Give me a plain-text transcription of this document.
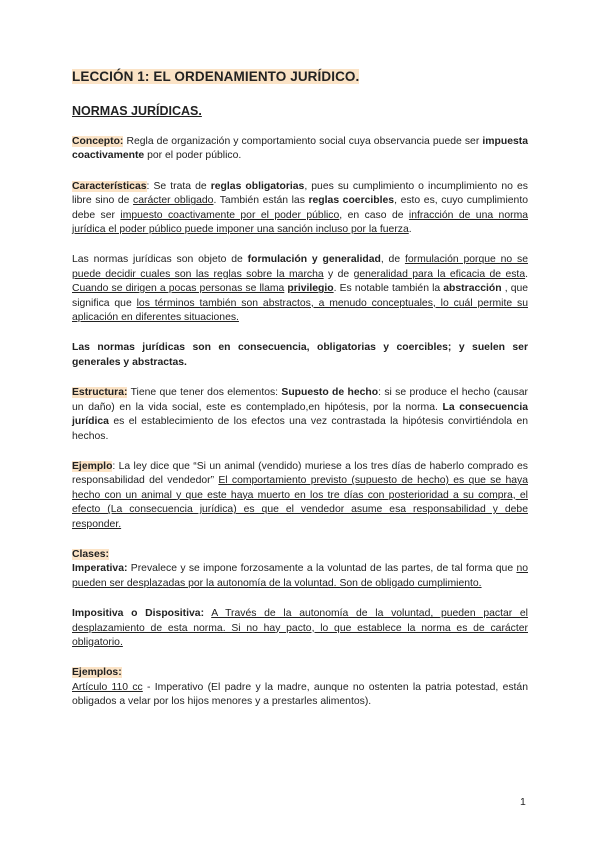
LECCIÓN 1: EL ORDENAMIENTO JURÍDICO.
NORMAS JURÍDICAS.

Concepto: Regla de organización y comportamiento social cuya observancia puede ser impuesta coactivamente por el poder público.

Características: Se trata de reglas obligatorias, pues su cumplimiento o incumplimiento no es libre sino de carácter obligado. También están las reglas coercibles, esto es, cuyo cumplimiento debe ser impuesto coactivamente por el poder público, en caso de infracción de una norma jurídica el poder público puede imponer una sanción incluso por la fuerza.

Las normas jurídicas son objeto de formulación y generalidad, de formulación porque no se puede decidir cuales son las reglas sobre la marcha y de generalidad para la eficacia de esta. Cuando se dirigen a pocas personas se llama privilegio. Es notable también la abstracción , que significa que los términos también son abstractos, a menudo conceptuales, lo cuál permite su aplicación en diferentes situaciones.

Las normas jurídicas son en consecuencia, obligatorias y coercibles; y suelen ser generales y abstractas.

Estructura: Tiene que tener dos elementos: Supuesto de hecho: si se produce el hecho (causar un daño) en la vida social, este es contemplado,en hipótesis, por la norma. La consecuencia jurídica es el establecimiento de los efectos una vez contrastada la hipótesis convirtiéndola en hechos.

Ejemplo: La ley dice que “Si un animal (vendido) muriese a los tres días de haberlo comprado es responsabilidad del vendedor” El comportamiento previsto (supuesto de hecho) es que se haya hecho con un animal y que este haya muerto en los tre días con posterioridad a su compra, el efecto (La consecuencia jurídica) es que el vendedor asume esa responsabilidad y debe responder.

Clases:

Imperativa: Prevalece y se impone forzosamente a la voluntad de las partes, de tal forma que no pueden ser desplazadas por la autonomía de la voluntad. Son de obligado cumplimiento.

Impositiva o Dispositiva: A Través de la autonomía de la voluntad, pueden pactar el desplazamiento de esta norma. Si no hay pacto, lo que establece la norma es de carácter obligatorio.

Ejemplos:

Artículo 110 cc - Imperativo (El padre y la madre, aunque no ostenten la patria potestad, están obligados a velar por los hijos menores y a prestarles alimentos).

1
